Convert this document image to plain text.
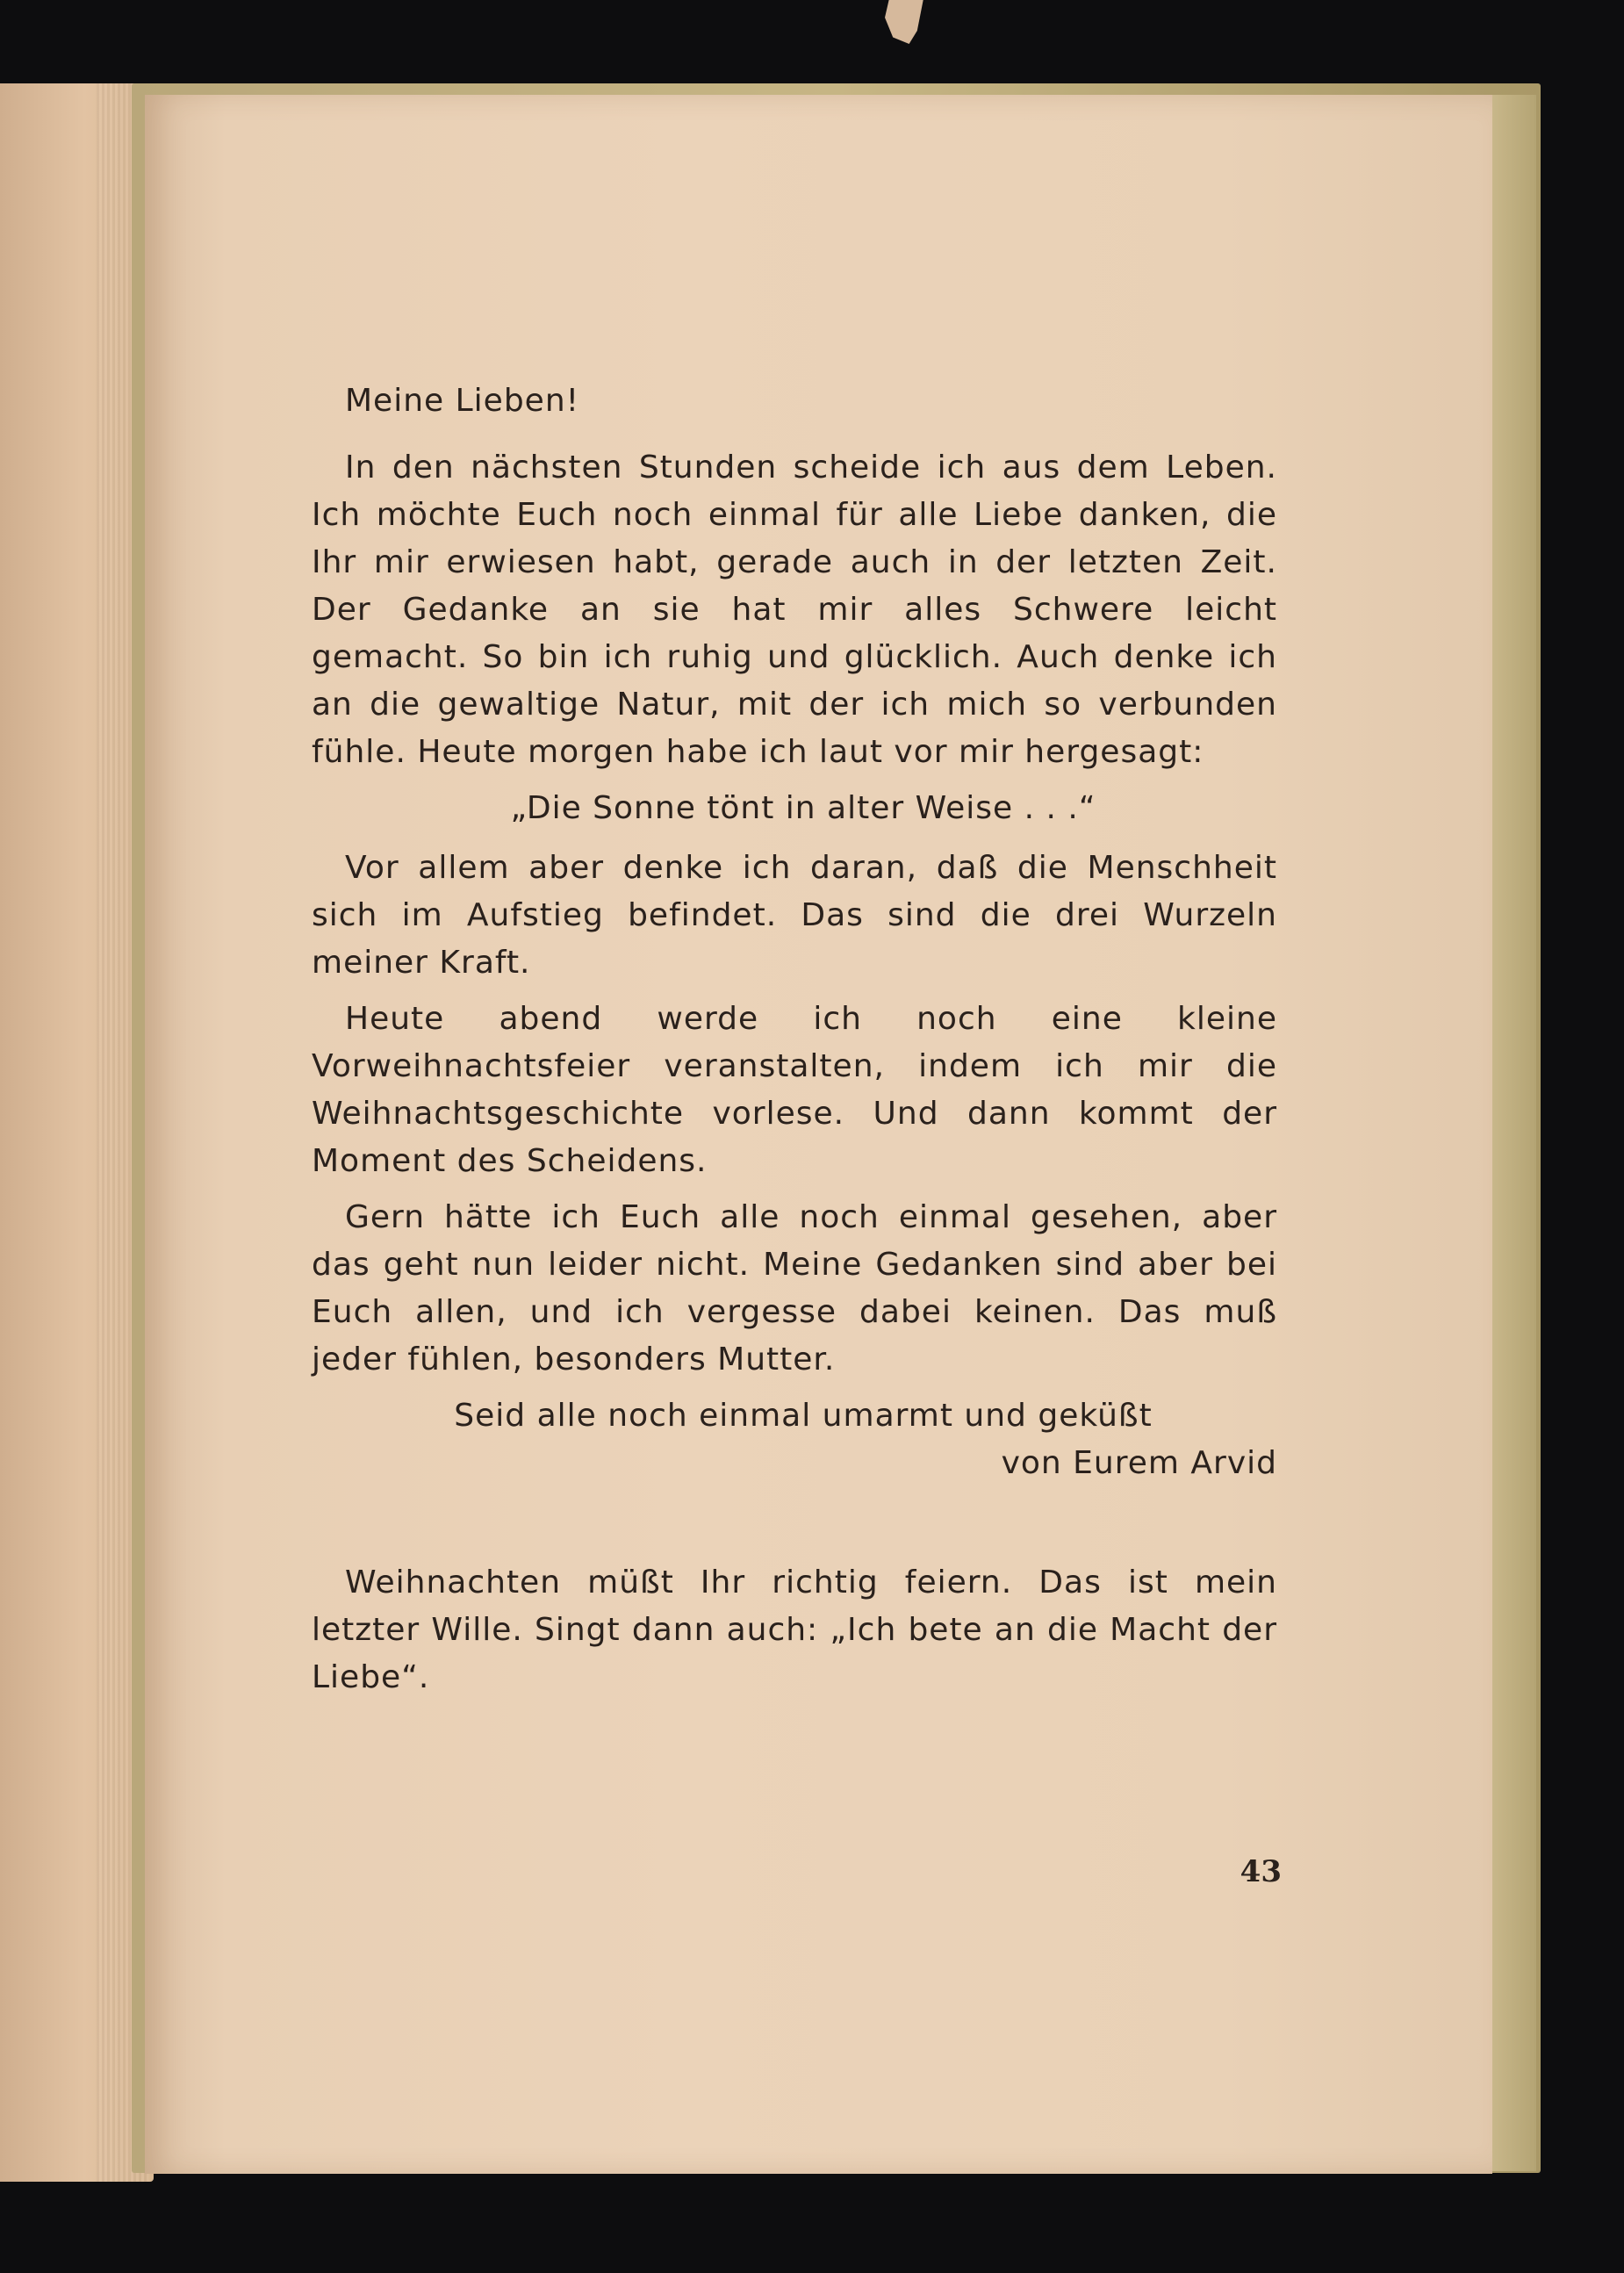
Meine Lieben!

In den nächsten Stunden scheide ich aus dem Leben. Ich möchte Euch noch einmal für alle Liebe danken, die Ihr mir erwiesen habt, gerade auch in der letzten Zeit. Der Gedanke an sie hat mir alles Schwere leicht gemacht. So bin ich ruhig und glücklich. Auch denke ich an die gewaltige Natur, mit der ich mich so verbunden fühle. Heute morgen habe ich laut vor mir hergesagt:

„Die Sonne tönt in alter Weise . . .“

Vor allem aber denke ich daran, daß die Menschheit sich im Aufstieg befindet. Das sind die drei Wurzeln meiner Kraft.

Heute abend werde ich noch eine kleine Vorweihnachtsfeier veranstalten, indem ich mir die Weihnachtsgeschichte vorlese. Und dann kommt der Moment des Scheidens.

Gern hätte ich Euch alle noch einmal gesehen, aber das geht nun leider nicht. Meine Gedanken sind aber bei Euch allen, und ich vergesse dabei keinen. Das muß jeder fühlen, besonders Mutter.

Seid alle noch einmal umarmt und geküßt

von Eurem Arvid

Weihnachten müßt Ihr richtig feiern. Das ist mein letzter Wille. Singt dann auch: „Ich bete an die Macht der Liebe“.

43
